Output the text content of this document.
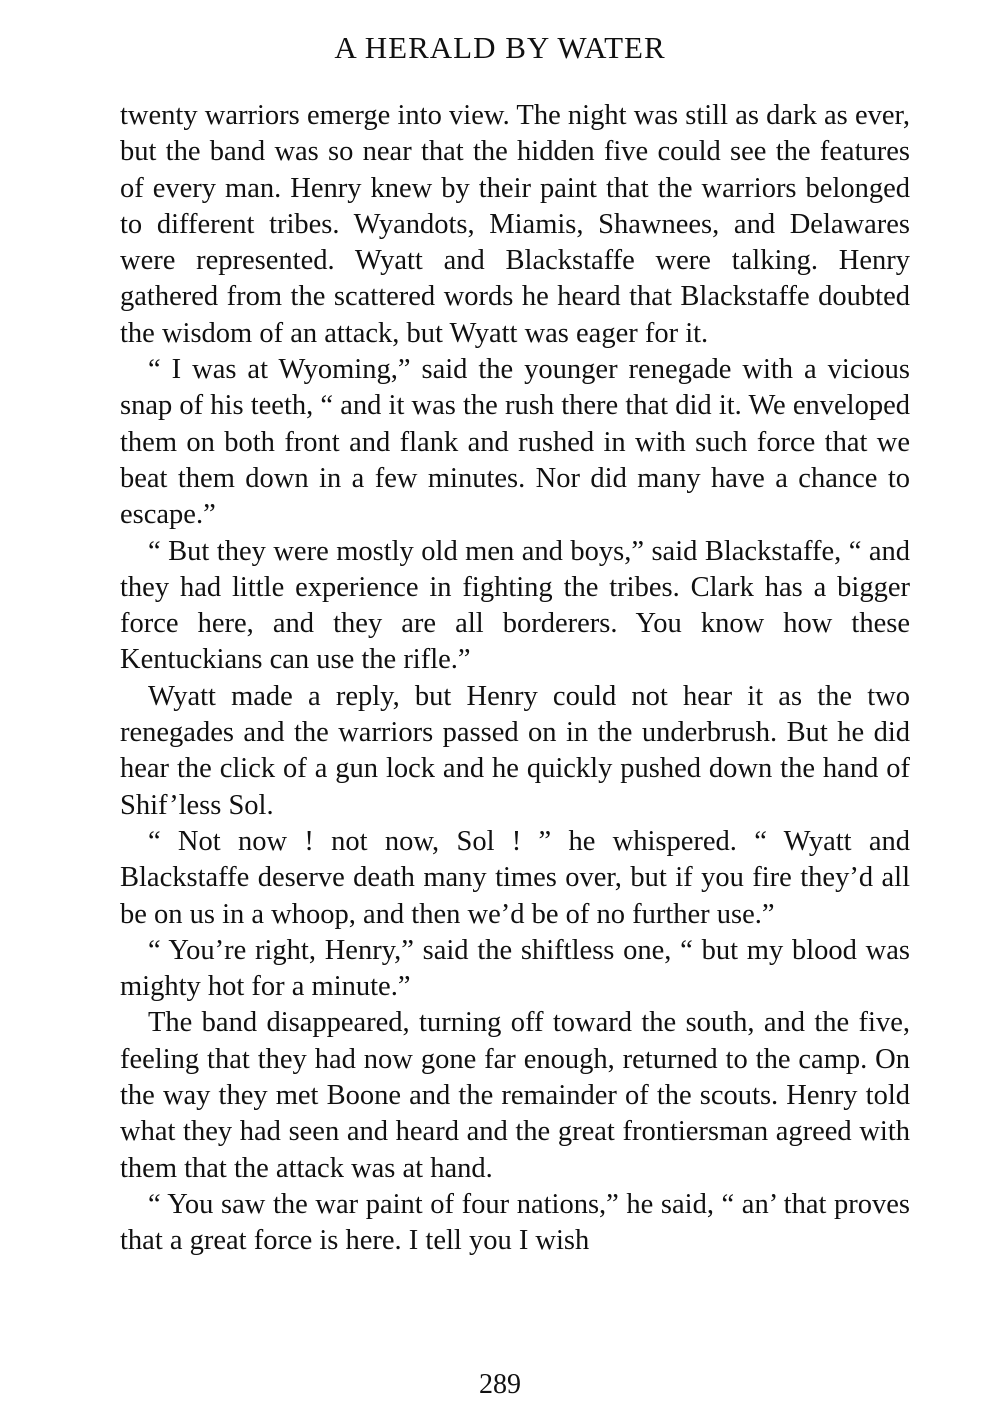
A HERALD BY WATER

twenty warriors emerge into view. The night was still as dark as ever, but the band was so near that the hidden five could see the features of every man. Henry knew by their paint that the warriors belonged to different tribes. Wyandots, Miamis, Shawnees, and Delawares were represented. Wyatt and Blackstaffe were talking. Henry gathered from the scattered words he heard that Blackstaffe doubted the wisdom of an attack, but Wyatt was eager for it.

“ I was at Wyoming,” said the younger renegade with a vicious snap of his teeth, “ and it was the rush there that did it. We enveloped them on both front and flank and rushed in with such force that we beat them down in a few minutes. Nor did many have a chance to escape.”

“ But they were mostly old men and boys,” said Blackstaffe, “ and they had little experience in fighting the tribes. Clark has a bigger force here, and they are all borderers. You know how these Kentuckians can use the rifle.”

Wyatt made a reply, but Henry could not hear it as the two renegades and the warriors passed on in the underbrush. But he did hear the click of a gun lock and he quickly pushed down the hand of Shif’less Sol.

“ Not now ! not now, Sol ! ” he whispered. “ Wyatt and Blackstaffe deserve death many times over, but if you fire they’d all be on us in a whoop, and then we’d be of no further use.”

“ You’re right, Henry,” said the shiftless one, “ but my blood was mighty hot for a minute.”

The band disappeared, turning off toward the south, and the five, feeling that they had now gone far enough, returned to the camp. On the way they met Boone and the remainder of the scouts. Henry told what they had seen and heard and the great frontiersman agreed with them that the attack was at hand.

“ You saw the war paint of four nations,” he said, “ an’ that proves that a great force is here. I tell you I wish

289
